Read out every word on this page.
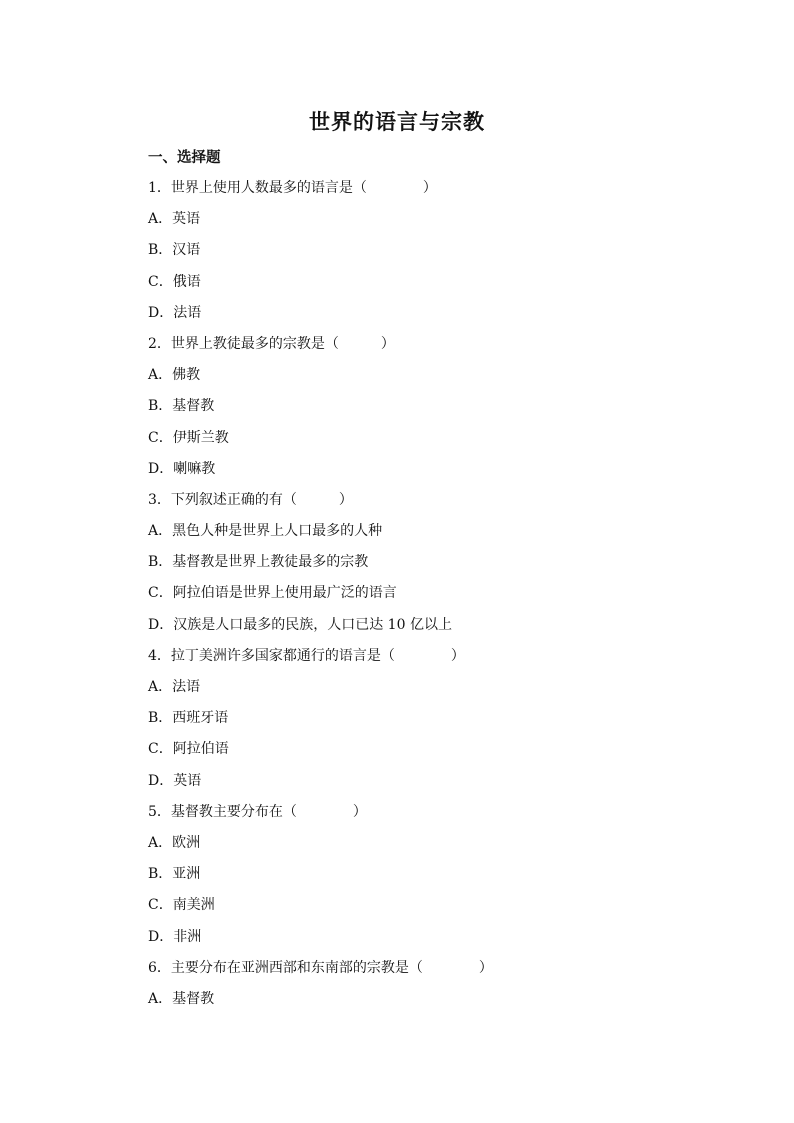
世界的语言与宗教
一、选择题
1．世界上使用人数最多的语言是（　　　　）
A．英语
B．汉语
C．俄语
D．法语
2．世界上教徒最多的宗教是（　　　）
A．佛教
B．基督教
C．伊斯兰教
D．喇嘛教
3．下列叙述正确的有（　　　）
A．黑色人种是世界上人口最多的人种
B．基督教是世界上教徒最多的宗教
C．阿拉伯语是世界上使用最广泛的语言
D．汉族是人口最多的民族，人口已达 10 亿以上
4．拉丁美洲许多国家都通行的语言是（　　　　）
A．法语
B．西班牙语
C．阿拉伯语
D．英语
5．基督教主要分布在（　　　　）
A．欧洲
B．亚洲
C．南美洲
D．非洲
6．主要分布在亚洲西部和东南部的宗教是（　　　　）
A．基督教
